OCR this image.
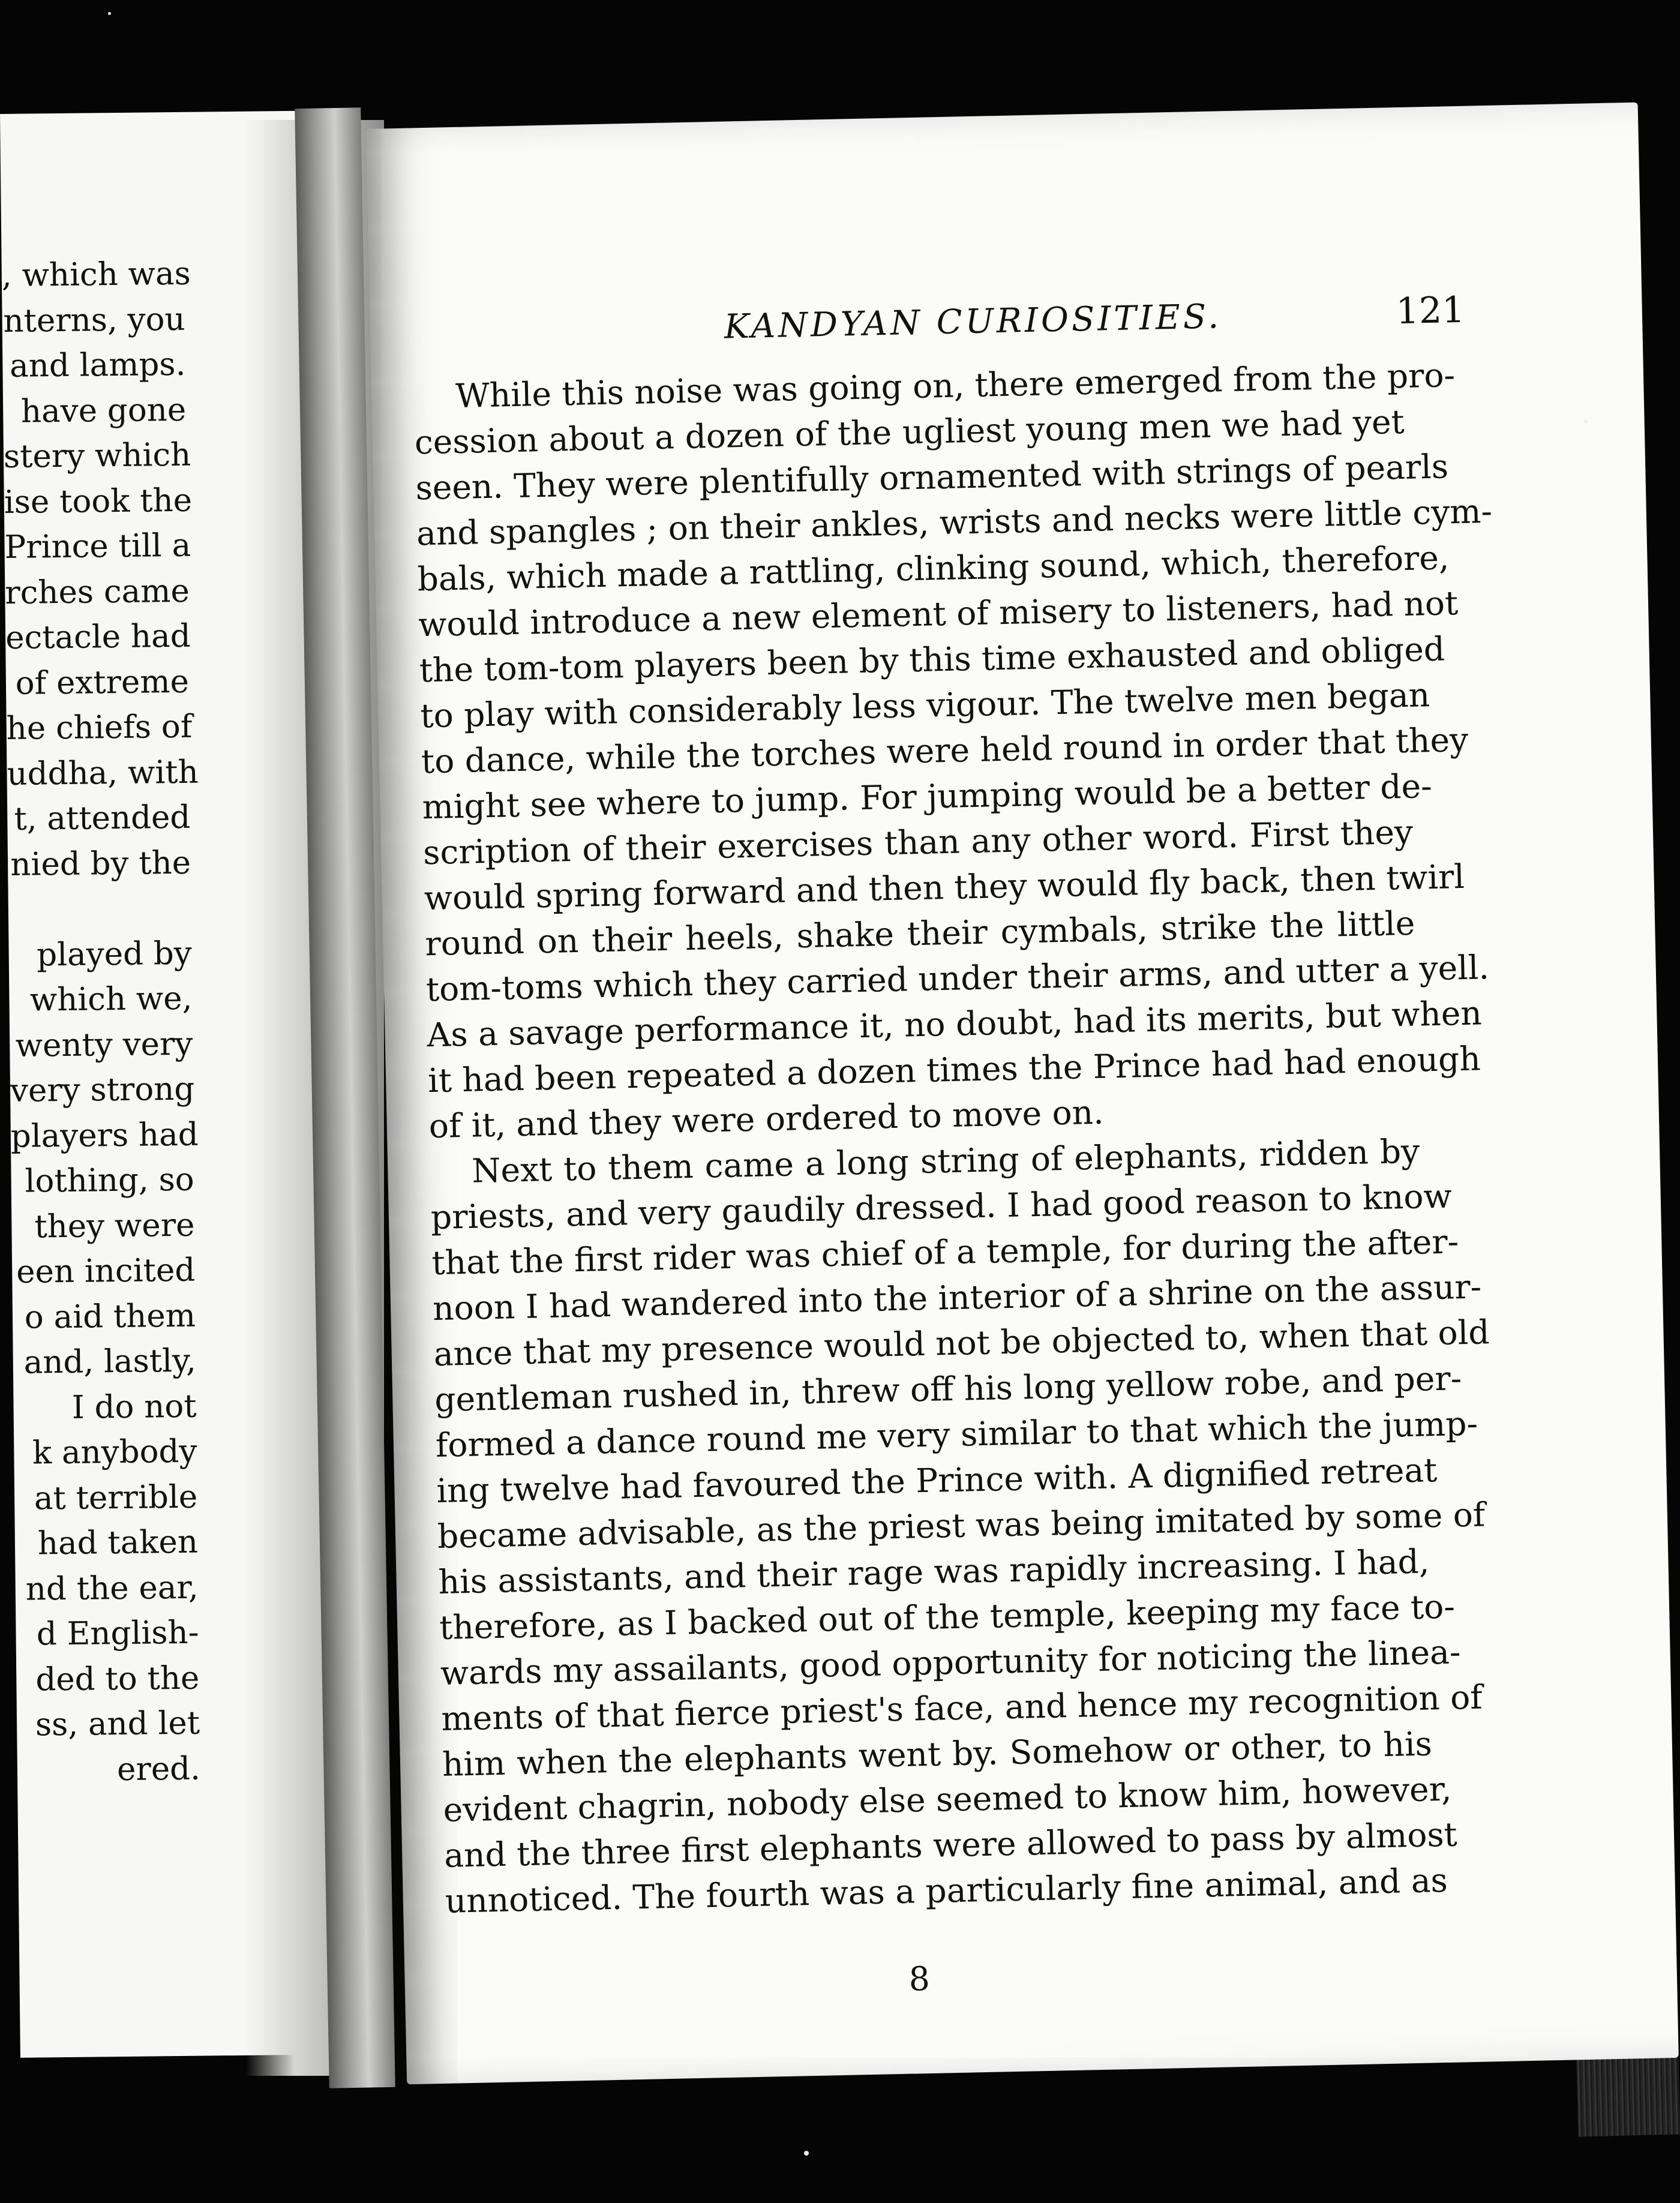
, which was
nterns, you
and lamps.
have gone
stery which
ise took the
Prince till a
rches came
ectacle had
of extreme
he chiefs of
uddha, with
t, attended
nied by the
played by
which we,
wenty very
very strong
players had
lothing, so
they were
een incited
o aid them
and, lastly,
I do not
k anybody
at terrible
had taken
nd the ear,
d English-
ded to the
ss, and let
ered.
KANDYAN CURIOSITIES.	121
While this noise was going on, there emerged from the pro-
cession about a dozen of the ugliest young men we had yet
seen. They were plentifully ornamented with strings of pearls
and spangles ; on their ankles, wrists and necks were little cym-
bals, which made a rattling, clinking sound, which, therefore,
would introduce a new element of misery to listeners, had not
the tom-tom players been by this time exhausted and obliged
to play with considerably less vigour. The twelve men began
to dance, while the torches were held round in order that they
might see where to jump. For jumping would be a better de-
scription of their exercises than any other word. First they
would spring forward and then they would fly back, then twirl
round on their heels, shake their cymbals, strike the little
tom-toms which they carried under their arms, and utter a yell.
As a savage performance it, no doubt, had its merits, but when
it had been repeated a dozen times the Prince had had enough
of it, and they were ordered to move on.
Next to them came a long string of elephants, ridden by
priests, and very gaudily dressed. I had good reason to know
that the first rider was chief of a temple, for during the after-
noon I had wandered into the interior of a shrine on the assur-
ance that my presence would not be objected to, when that old
gentleman rushed in, threw off his long yellow robe, and per-
formed a dance round me very similar to that which the jump-
ing twelve had favoured the Prince with. A dignified retreat
became advisable, as the priest was being imitated by some of
his assistants, and their rage was rapidly increasing. I had,
therefore, as I backed out of the temple, keeping my face to-
wards my assailants, good opportunity for noticing the linea-
ments of that fierce priest's face, and hence my recognition of
him when the elephants went by. Somehow or other, to his
evident chagrin, nobody else seemed to know him, however,
and the three first elephants were allowed to pass by almost
unnoticed. The fourth was a particularly fine animal, and as
8
